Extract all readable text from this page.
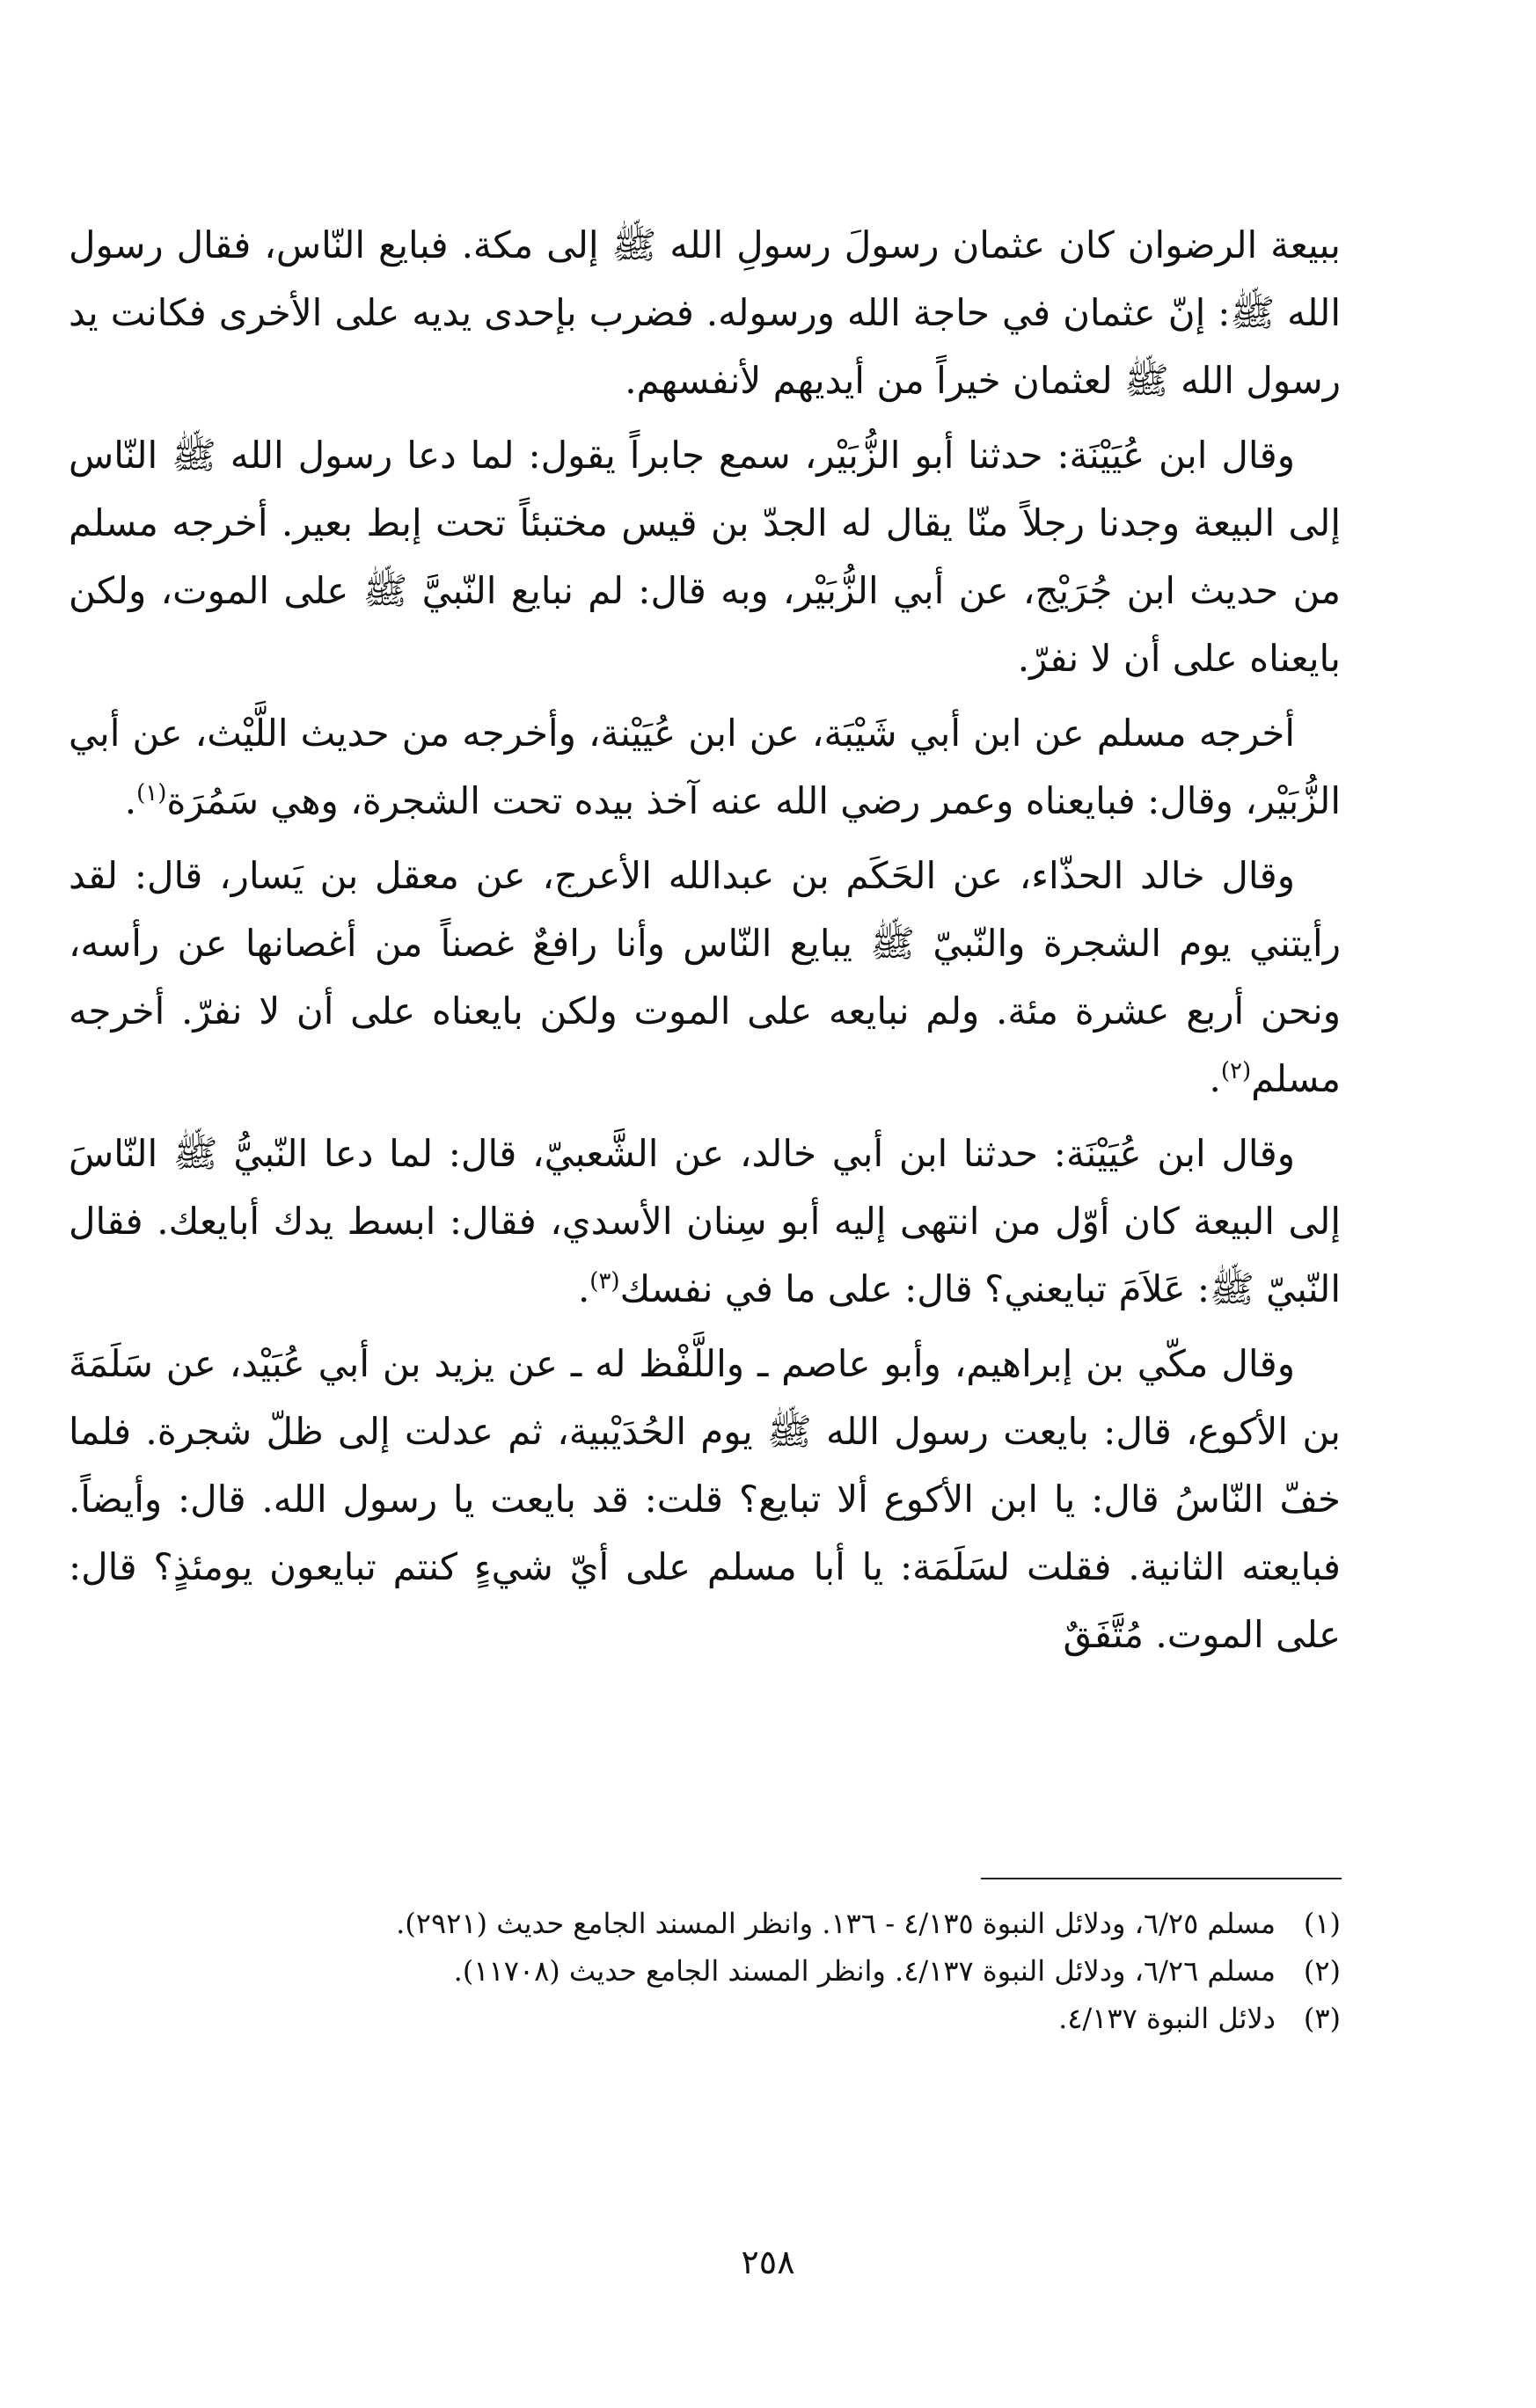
ببيعة الرضوان كان عثمان رسولَ رسولِ الله ﷺ إلى مكة. فبايع النّاس، فقال رسول الله ﷺ: إنّ عثمان في حاجة الله ورسوله. فضرب بإحدى يديه على الأخرى فكانت يد رسول الله ﷺ لعثمان خيراً من أيديهم لأنفسهم.

وقال ابن عُيَيْنَة: حدثنا أبو الزُّبَيْر، سمع جابراً يقول: لما دعا رسول الله ﷺ النّاس إلى البيعة وجدنا رجلاً منّا يقال له الجدّ بن قيس مختبئاً تحت إبط بعير. أخرجه مسلم من حديث ابن جُرَيْج، عن أبي الزُّبَيْر، وبه قال: لم نبايع النّبيَّ ﷺ على الموت، ولكن بايعناه على أن لا نفرّ.

أخرجه مسلم عن ابن أبي شَيْبَة، عن ابن عُيَيْنة، وأخرجه من حديث اللَّيْث، عن أبي الزُّبَيْر، وقال: فبايعناه وعمر رضي الله عنه آخذ بيده تحت الشجرة، وهي سَمُرَة$^{(١)}$.

وقال خالد الحذّاء، عن الحَكَم بن عبدالله الأعرج، عن معقل بن يَسار، قال: لقد رأيتني يوم الشجرة والنّبيّ ﷺ يبايع النّاس وأنا رافعٌ غصناً من أغصانها عن رأسه، ونحن أربع عشرة مئة. ولم نبايعه على الموت ولكن بايعناه على أن لا نفرّ. أخرجه مسلم$^{(٢)}$.

وقال ابن عُيَيْنَة: حدثنا ابن أبي خالد، عن الشَّعبيّ، قال: لما دعا النّبيُّ ﷺ النّاسَ إلى البيعة كان أوّل من انتهى إليه أبو سِنان الأسدي، فقال: ابسط يدك أبايعك. فقال النّبيّ ﷺ: عَلاَمَ تبايعني؟ قال: على ما في نفسك$^{(٣)}$.

وقال مكّي بن إبراهيم، وأبو عاصم ـ واللَّفْظ له ـ عن يزيد بن أبي عُبَيْد، عن سَلَمَةَ بن الأكوع، قال: بايعت رسول الله ﷺ يوم الحُدَيْبية، ثم عدلت إلى ظلّ شجرة. فلما خفّ النّاسُ قال: يا ابن الأكوع ألا تبايع؟ قلت: قد بايعت يا رسول الله. قال: وأيضاً. فبايعته الثانية. فقلت لسَلَمَة: يا أبا مسلم على أيّ شيءٍ كنتم تبايعون يومئذٍ؟ قال: على الموت. مُتَّفَقٌ

(١)
مسلم ٦/٢٥، ودلائل النبوة ٤/١٣٥ - ١٣٦. وانظر المسند الجامع حديث (٢٩٢١).
(٢)
مسلم ٦/٢٦، ودلائل النبوة ٤/١٣٧. وانظر المسند الجامع حديث (١١٧٠٨).
(٣)
دلائل النبوة ٤/١٣٧.
٢٥٨
